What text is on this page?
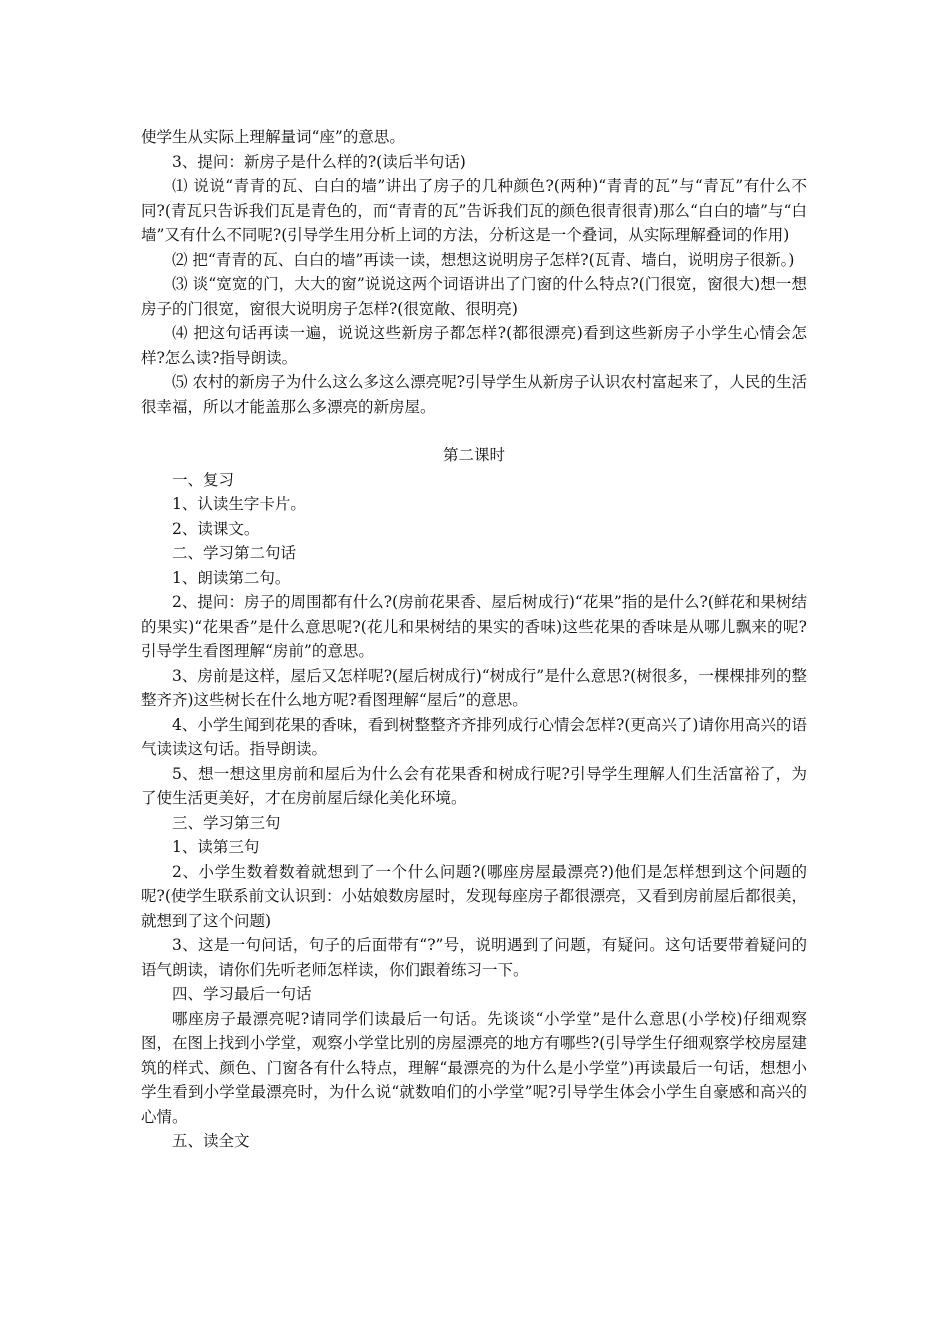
使学生从实际上理解量词“座”的意思。

3、提问：新房子是什么样的?(读后半句话)

⑴ 说说“青青的瓦、白白的墙”讲出了房子的几种颜色?(两种)“青青的瓦”与“青瓦”有什么不同?(青瓦只告诉我们瓦是青色的，而“青青的瓦”告诉我们瓦的颜色很青很青)那么“白白的墙”与“白墙”又有什么不同呢?(引导学生用分析上词的方法，分析这是一个叠词，从实际理解叠词的作用)

⑵ 把“青青的瓦、白白的墙”再读一读，想想这说明房子怎样?(瓦青、墙白，说明房子很新。)

⑶ 谈“宽宽的门，大大的窗”说说这两个词语讲出了门窗的什么特点?(门很宽，窗很大)想一想房子的门很宽，窗很大说明房子怎样?(很宽敞、很明亮)

⑷ 把这句话再读一遍，说说这些新房子都怎样?(都很漂亮)看到这些新房子小学生心情会怎样?怎么读?指导朗读。

⑸ 农村的新房子为什么这么多这么漂亮呢?引导学生从新房子认识农村富起来了，人民的生活很幸福，所以才能盖那么多漂亮的新房屋。

第二课时

一、复习

1、认读生字卡片。

2、读课文。

二、学习第二句话

1、朗读第二句。

2、提问：房子的周围都有什么?(房前花果香、屋后树成行)“花果”指的是什么?(鲜花和果树结的果实)“花果香”是什么意思呢?(花儿和果树结的果实的香味)这些花果的香味是从哪儿飘来的呢?引导学生看图理解“房前”的意思。

3、房前是这样，屋后又怎样呢?(屋后树成行)“树成行”是什么意思?(树很多，一棵棵排列的整整齐齐)这些树长在什么地方呢?看图理解“屋后”的意思。

4、小学生闻到花果的香味，看到树整整齐齐排列成行心情会怎样?(更高兴了)请你用高兴的语气读读这句话。指导朗读。

5、想一想这里房前和屋后为什么会有花果香和树成行呢?引导学生理解人们生活富裕了，为了使生活更美好，才在房前屋后绿化美化环境。

三、学习第三句

1、读第三句

2、小学生数着数着就想到了一个什么问题?(哪座房屋最漂亮?)他们是怎样想到这个问题的呢?(使学生联系前文认识到：小姑娘数房屋时，发现每座房子都很漂亮，又看到房前屋后都很美，就想到了这个问题)

3、这是一句问话，句子的后面带有“?”号，说明遇到了问题，有疑问。这句话要带着疑问的语气朗读，请你们先听老师怎样读，你们跟着练习一下。

四、学习最后一句话

哪座房子最漂亮呢?请同学们读最后一句话。先谈谈“小学堂”是什么意思(小学校)仔细观察图，在图上找到小学堂，观察小学堂比别的房屋漂亮的地方有哪些?(引导学生仔细观察学校房屋建筑的样式、颜色、门窗各有什么特点，理解“最漂亮的为什么是小学堂”)再读最后一句话，想想小学生看到小学堂最漂亮时，为什么说“就数咱们的小学堂”呢?引导学生体会小学生自豪感和高兴的心情。

五、读全文
